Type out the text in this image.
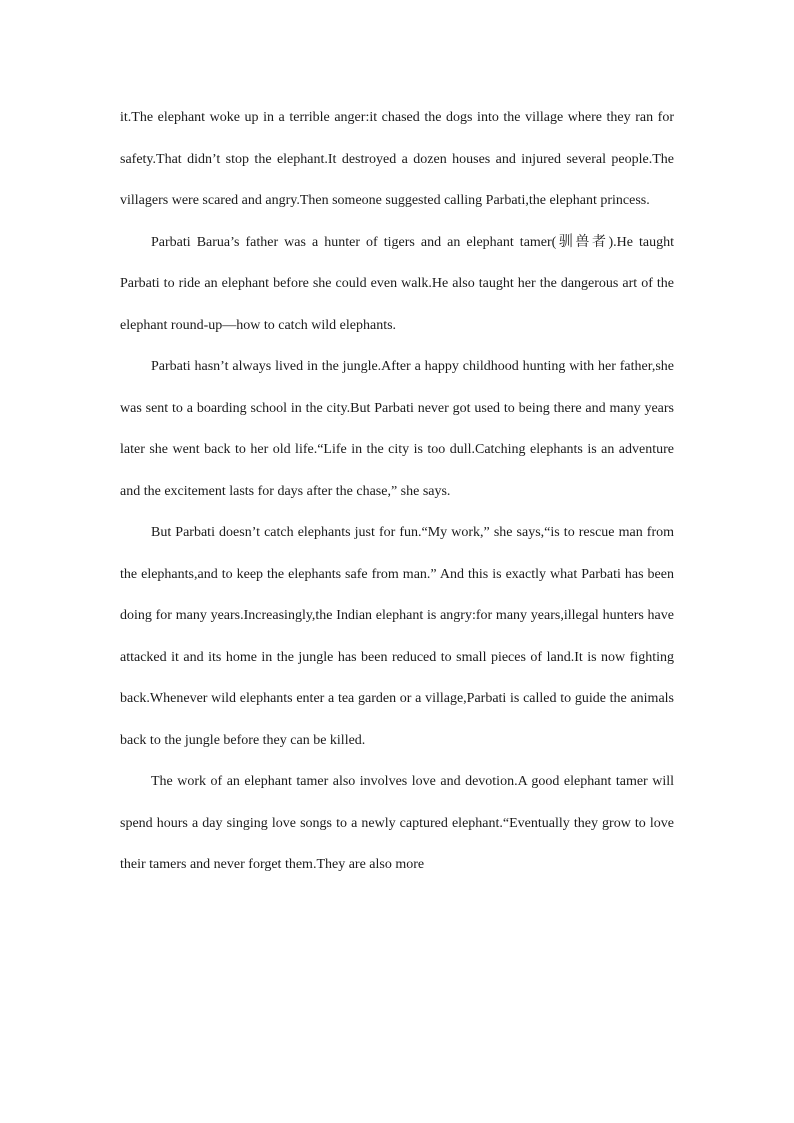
it.The elephant woke up in a terrible anger:it chased the dogs into the village where they ran for safety.That didn’t stop the elephant.It destroyed a dozen houses and injured several people.The villagers were scared and angry.Then someone suggested calling Parbati,the elephant princess.

Parbati Barua’s father was a hunter of tigers and an elephant tamer(驯兽者).He taught Parbati to ride an elephant before she could even walk.He also taught her the dangerous art of the elephant round-up—how to catch wild elephants.

Parbati hasn’t always lived in the jungle.After a happy childhood hunting with her father,she was sent to a boarding school in the city.But Parbati never got used to being there and many years later she went back to her old life.“Life in the city is too dull.Catching elephants is an adventure and the excitement lasts for days after the chase,” she says.

But Parbati doesn’t catch elephants just for fun.“My work,” she says,“is to rescue man from the elephants,and to keep the elephants safe from man.” And this is exactly what Parbati has been doing for many years.Increasingly,the Indian elephant is angry:for many years,illegal hunters have attacked it and its home in the jungle has been reduced to small pieces of land.It is now fighting back.Whenever wild elephants enter a tea garden or a village,Parbati is called to guide the animals back to the jungle before they can be killed.

The work of an elephant tamer also involves love and devotion.A good elephant tamer will spend hours a day singing love songs to a newly captured elephant.“Eventually they grow to love their tamers and never forget them.They are also more
